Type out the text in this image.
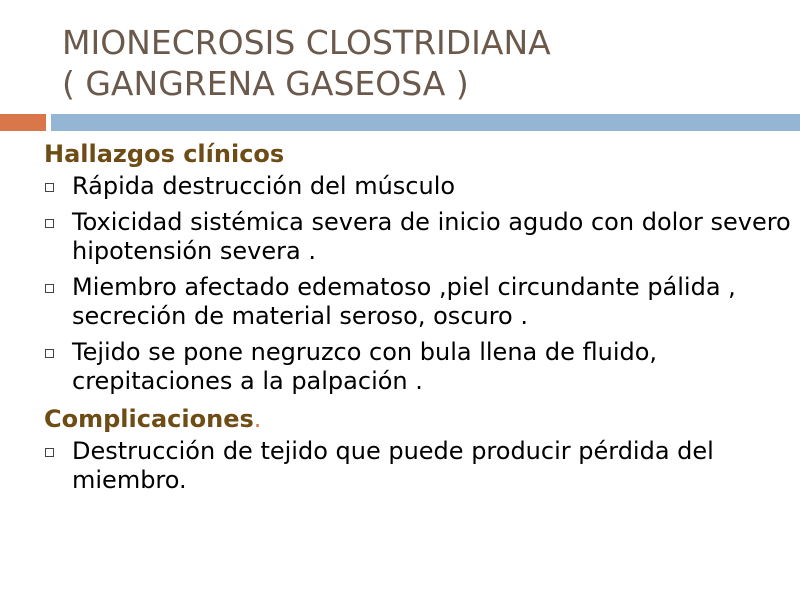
MIONECROSIS CLOSTRIDIANA
( GANGRENA GASEOSA )

Hallazgos clínicos

Rápida destrucción del músculo
Toxicidad sistémica severa de inicio agudo con dolor severo hipotensión severa .
Miembro afectado edematoso ,piel circundante pálida , secreción de material seroso, oscuro .
Tejido se pone negruzco con bula llena de fluido, crepitaciones a la palpación .

Complicaciones.

Destrucción de tejido que puede producir pérdida del miembro.
